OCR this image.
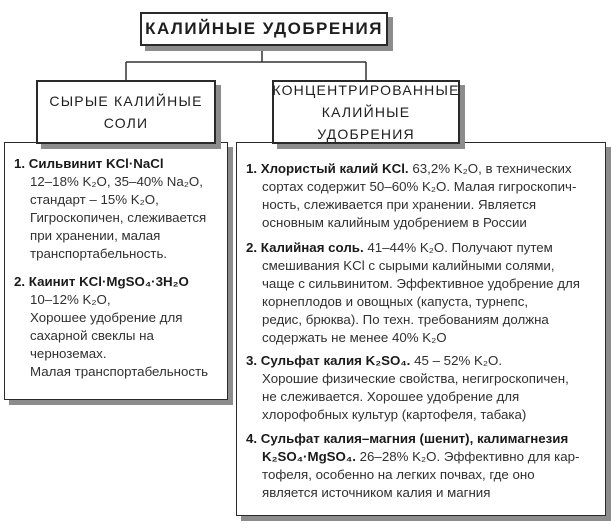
КАЛИЙНЫЕ УДОБРЕНИЯ
СЫРЫЕ КАЛИЙНЫЕ
СОЛИ
КОНЦЕНТРИРОВАННЫЕ
КАЛИЙНЫЕ УДОБРЕНИЯ
1. Сильвинит KCl·NaCl
12–18% K₂O, 35–40% Na₂O,
стандарт – 15% K₂O,
Гигроскопичен, слеживается
при хранении, малая
транспортабельность.
2. Каинит KCl·MgSO₄·3H₂O
10–12% K₂O,
Хорошее удобрение для
сахарной свеклы на
черноземах.
Малая транспортабельность
1. Хлористый калий KCl. 63,2% K₂O, в технических
сортах содержит 50–60% K₂O. Малая гигроскопич-
ность, слеживается при хранении. Является
основным калийным удобрением в России
2. Калийная соль. 41–44% K₂O. Получают путем
смешивания KCl с сырыми калийными солями,
чаще с сильвинитом. Эффективное удобрение для
корнеплодов и овощных (капуста, турнепс,
редис, брюква). По техн. требованиям должна
содержать не менее 40% K₂O
3. Сульфат калия K₂SO₄. 45 – 52% K₂O.
Хорошие физические свойства, негигроскопичен,
не слеживается. Хорошее удобрение для
хлорофобных культур (картофеля, табака)
4. Сульфат калия–магния (шенит), калимагнезия
K₂SO₄·MgSO₄. 26–28% K₂O. Эффективно для кар-
тофеля, особенно на легких почвах, где оно
является источником калия и магния
